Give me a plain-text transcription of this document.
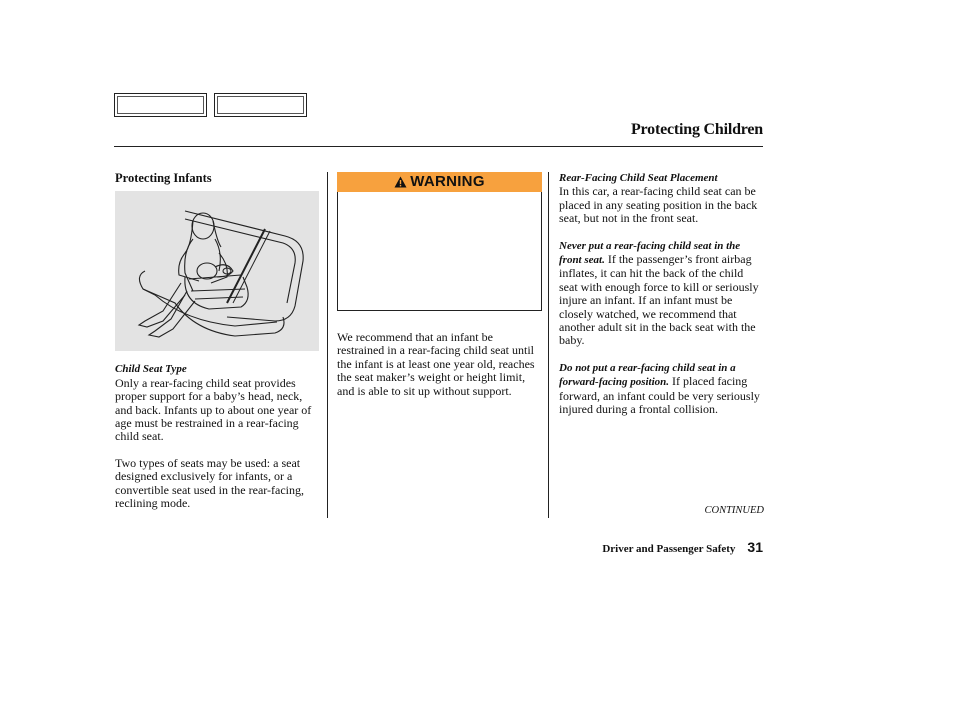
Protecting Children
Protecting Infants
Child Seat Type

Only a rear-facing child seat provides proper support for a baby’s head, neck, and back. Infants up to about one year of age must be restrained in a rear-facing child seat.

Two types of seats may be used: a seat designed exclusively for infants, or a convertible seat used in the rear-facing, reclining mode.

WARNING

We recommend that an infant be restrained in a rear-facing child seat until the infant is at least one year old, reaches the seat maker’s weight or height limit, and is able to sit up without support.

Rear-Facing Child Seat Placement

In this car, a rear-facing child seat can be placed in any seating position in the back seat, but not in the front seat.

Never put a rear-facing child seat in the front seat. If the passenger’s front airbag inflates, it can hit the back of the child seat with enough force to kill or seriously injure an infant. If an infant must be closely watched, we recommend that another adult sit in the back seat with the baby.

Do not put a rear-facing child seat in a forward-facing position. If placed facing forward, an infant could be very seriously injured during a frontal collision.

CONTINUED
Driver and Passenger Safety 31
